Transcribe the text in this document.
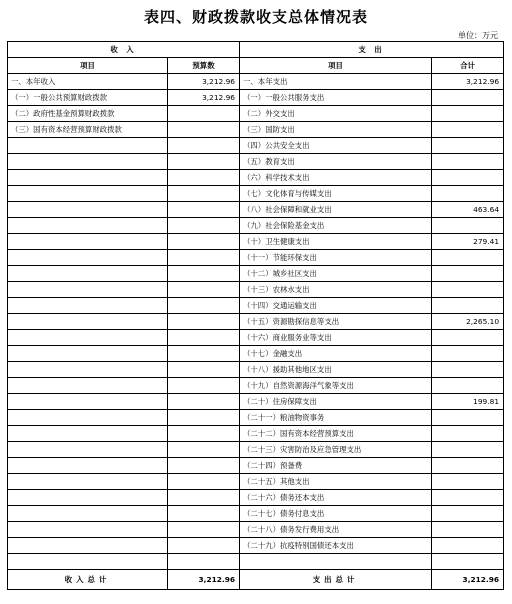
表四、财政拨款收支总体情况表
单位：万元
收 入		支 出	
项目	预算数	项目	合计
一、本年收入	3,212.96	一、本年支出	3,212.96
（一）一般公共预算财政拨款	3,212.96	（一）一般公共服务支出	
（二）政府性基金预算财政拨款		（二）外交支出	
（三）国有资本经营预算财政拨款		（三）国防支出	
		（四）公共安全支出	
		（五）教育支出	
		（六）科学技术支出	
		（七）文化体育与传媒支出	
		（八）社会保障和就业支出	463.64
		（九）社会保险基金支出	
		（十）卫生健康支出	279.41
		（十一）节能环保支出	
		（十二）城乡社区支出	
		（十三）农林水支出	
		（十四）交通运输支出	
		（十五）资源勘探信息等支出	2,265.10
		（十六）商业服务业等支出	
		（十七）金融支出	
		（十八）援助其他地区支出	
		（十九）自然资源海洋气象等支出	
		（二十）住房保障支出	199.81
		（二十一）粮油物资事务	
		（二十二）国有资本经营预算支出	
		（二十三）灾害防治及应急管理支出	
		（二十四）预备费	
		（二十五）其他支出	
		（二十六）债务还本支出	
		（二十七）债务付息支出	
		（二十八）债务发行费用支出	
		（二十九）抗疫特别国债还本支出	

收入总计	3,212.96	支出总计	3,212.96
